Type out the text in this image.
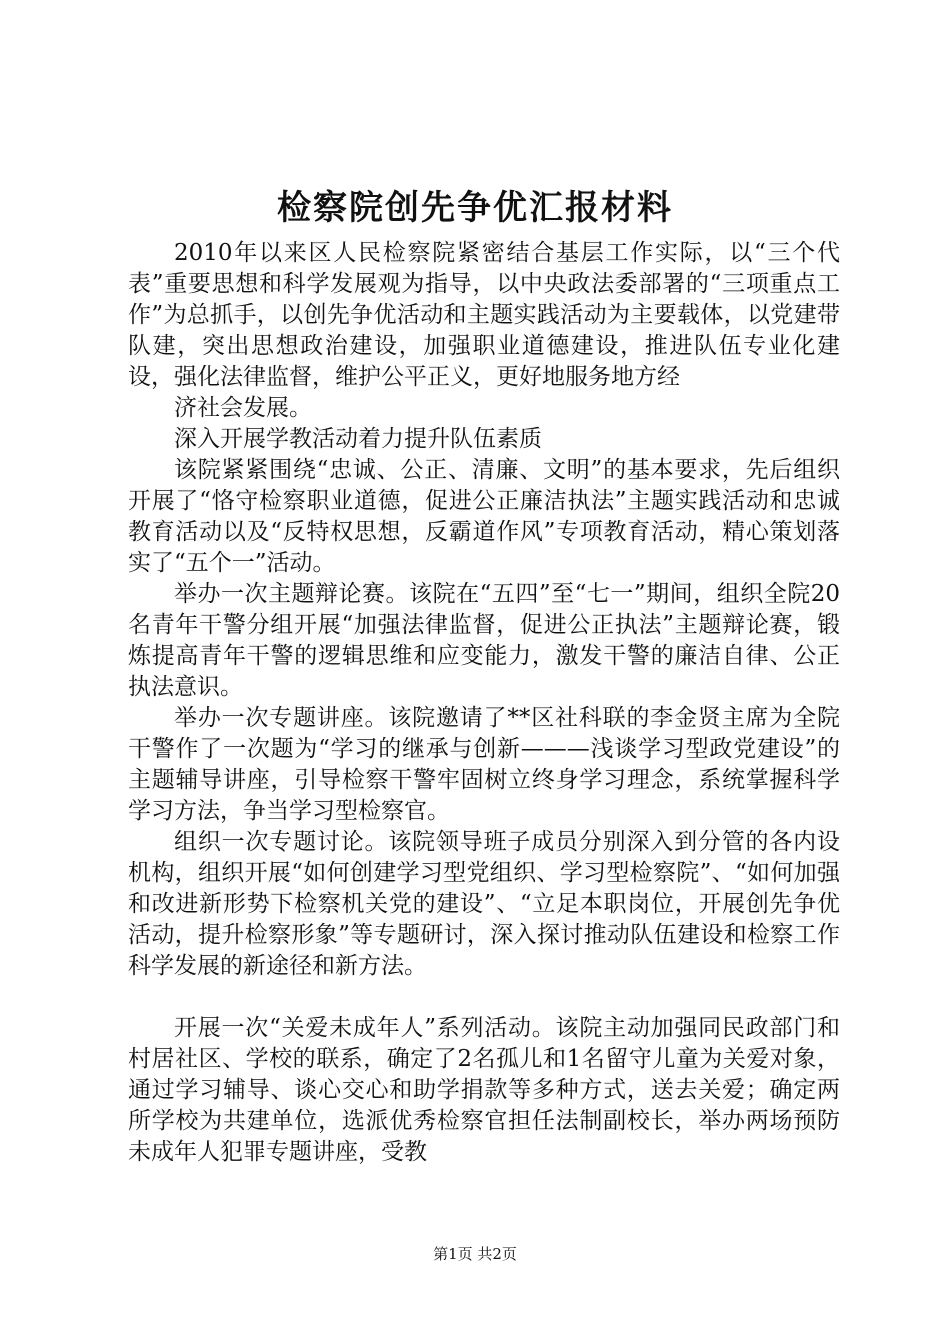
检察院创先争优汇报材料

2010年以来区人民检察院紧密结合基层工作实际，以“三个代表”重要思想和科学发展观为指导，以中央政法委部署的“三项重点工作”为总抓手，以创先争优活动和主题实践活动为主要载体，以党建带队建，突出思想政治建设，加强职业道德建设，推进队伍专业化建设，强化法律监督，维护公平正义，更好地服务地方经

济社会发展。

深入开展学教活动着力提升队伍素质

该院紧紧围绕“忠诚、公正、清廉、文明”的基本要求，先后组织开展了“恪守检察职业道德，促进公正廉洁执法”主题实践活动和忠诚教育活动以及“反特权思想，反霸道作风”专项教育活动，精心策划落实了“五个一”活动。

举办一次主题辩论赛。该院在“五四”至“七一”期间，组织全院20名青年干警分组开展“加强法律监督，促进公正执法”主题辩论赛，锻炼提高青年干警的逻辑思维和应变能力，激发干警的廉洁自律、公正执法意识。

举办一次专题讲座。该院邀请了**区社科联的李金贤主席为全院干警作了一次题为“学习的继承与创新———浅谈学习型政党建设”的主题辅导讲座，引导检察干警牢固树立终身学习理念，系统掌握科学学习方法，争当学习型检察官。

组织一次专题讨论。该院领导班子成员分别深入到分管的各内设机构，组织开展“如何创建学习型党组织、学习型检察院”、“如何加强和改进新形势下检察机关党的建设”、“立足本职岗位，开展创先争优活动，提升检察形象”等专题研讨，深入探讨推动队伍建设和检察工作科学发展的新途径和新方法。

开展一次“关爱未成年人”系列活动。该院主动加强同民政部门和村居社区、学校的联系，确定了2名孤儿和1名留守儿童为关爱对象，通过学习辅导、谈心交心和助学捐款等多种方式，送去关爱；确定两所学校为共建单位，选派优秀检察官担任法制副校长，举办两场预防未成年人犯罪专题讲座，受教

第1页 共2页
